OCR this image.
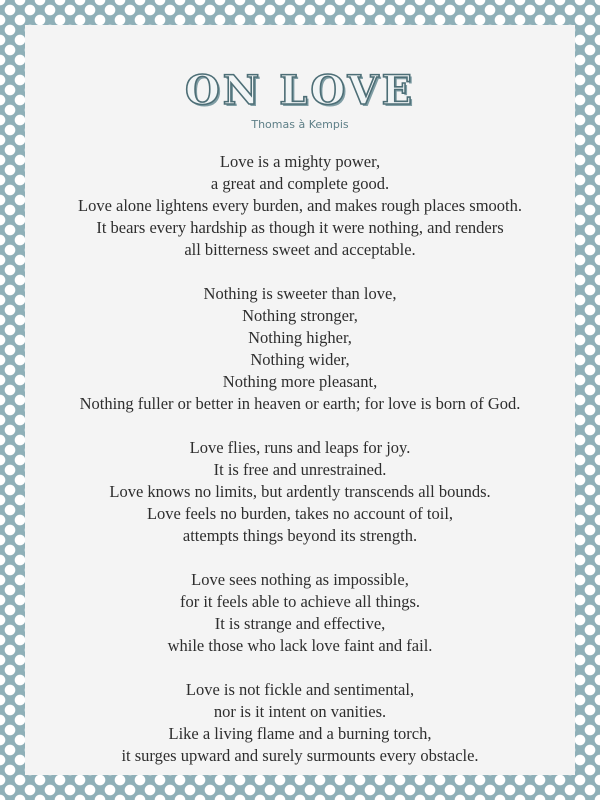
ON LOVE
Thomas à Kempis
Love is a mighty power,
a great and complete good.
Love alone lightens every burden, and makes rough places smooth.
It bears every hardship as though it were nothing, and renders
all bitterness sweet and acceptable.
Nothing is sweeter than love,
Nothing stronger,
Nothing higher,
Nothing wider,
Nothing more pleasant,
Nothing fuller or better in heaven or earth; for love is born of God.
Love flies, runs and leaps for joy.
It is free and unrestrained.
Love knows no limits, but ardently transcends all bounds.
Love feels no burden, takes no account of toil,
attempts things beyond its strength.
Love sees nothing as impossible,
for it feels able to achieve all things.
It is strange and effective,
while those who lack love faint and fail.
Love is not fickle and sentimental,
nor is it intent on vanities.
Like a living flame and a burning torch,
it surges upward and surely surmounts every obstacle.
